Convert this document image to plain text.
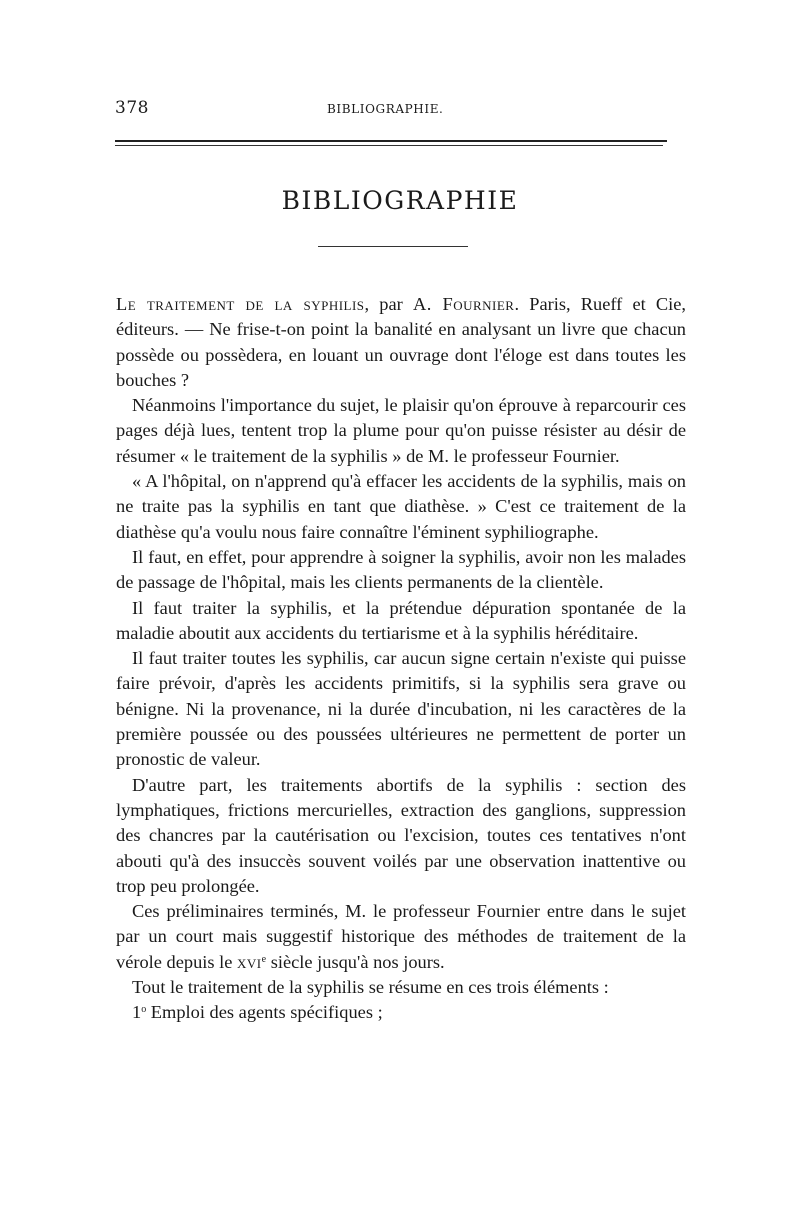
378	BIBLIOGRAPHIE.
BIBLIOGRAPHIE

Le traitement de la syphilis, par A. Fournier. Paris, Rueff et Cie, éditeurs. — Ne frise-t-on point la banalité en analysant un livre que chacun possède ou possèdera, en louant un ouvrage dont l'éloge est dans toutes les bouches ?

Néanmoins l'importance du sujet, le plaisir qu'on éprouve à reparcourir ces pages déjà lues, tentent trop la plume pour qu'on puisse résister au désir de résumer « le traitement de la syphilis » de M. le professeur Fournier.

« A l'hôpital, on n'apprend qu'à effacer les accidents de la syphilis, mais on ne traite pas la syphilis en tant que diathèse. » C'est ce traitement de la diathèse qu'a voulu nous faire connaître l'éminent syphiliographe.

Il faut, en effet, pour apprendre à soigner la syphilis, avoir non les malades de passage de l'hôpital, mais les clients permanents de la clientèle.

Il faut traiter la syphilis, et la prétendue dépuration spontanée de la maladie aboutit aux accidents du tertiarisme et à la syphilis héréditaire.

Il faut traiter toutes les syphilis, car aucun signe certain n'existe qui puisse faire prévoir, d'après les accidents primitifs, si la syphilis sera grave ou bénigne. Ni la provenance, ni la durée d'incubation, ni les caractères de la première poussée ou des poussées ultérieures ne permettent de porter un pronostic de valeur.

D'autre part, les traitements abortifs de la syphilis : section des lymphatiques, frictions mercurielles, extraction des ganglions, suppression des chancres par la cautérisation ou l'excision, toutes ces tentatives n'ont abouti qu'à des insuccès souvent voilés par une observation inattentive ou trop peu prolongée.

Ces préliminaires terminés, M. le professeur Fournier entre dans le sujet par un court mais suggestif historique des méthodes de traitement de la vérole depuis le xvi$^e$ siècle jusqu'à nos jours.

Tout le traitement de la syphilis se résume en ces trois éléments :

1$^o$ Emploi des agents spécifiques ;
